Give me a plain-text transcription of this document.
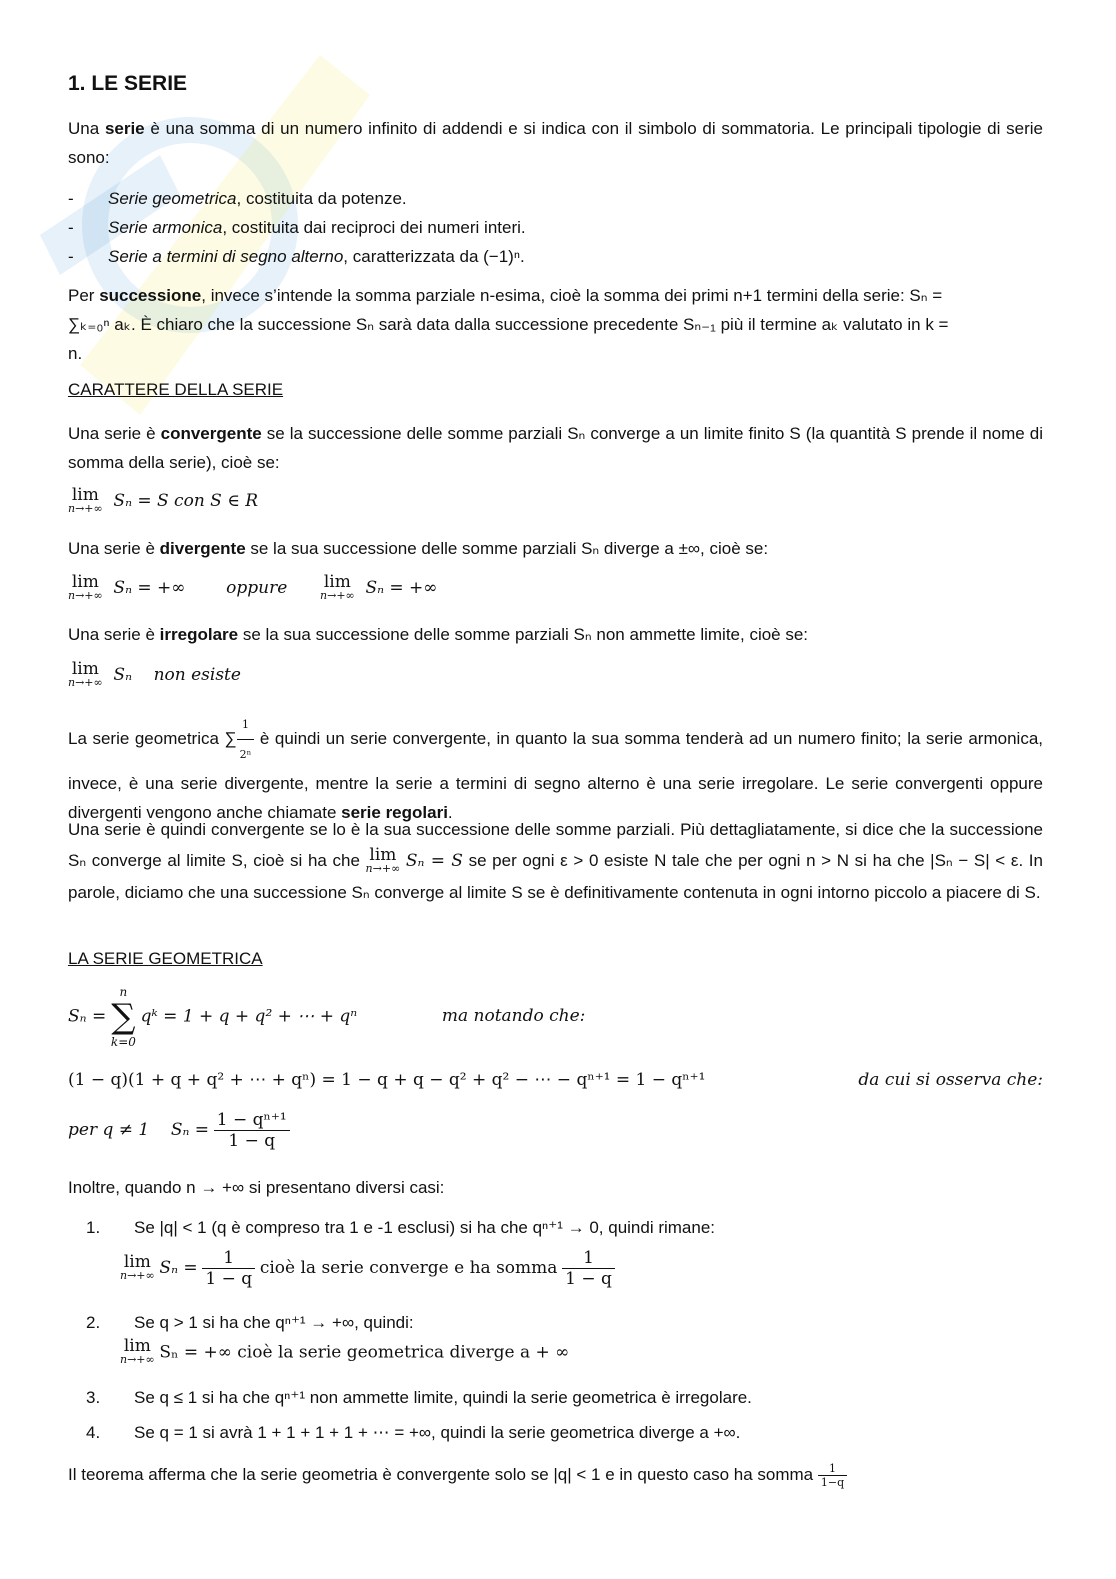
1. LE SERIE
Una serie è una somma di un numero infinito di addendi e si indica con il simbolo di sommatoria. Le principali tipologie di serie sono:
-	Serie geometrica, costituita da potenze.
-	Serie armonica, costituita dai reciproci dei numeri interi.
-	Serie a termini di segno alterno, caratterizzata da (−1)ⁿ.
Per successione, invece s’intende la somma parziale n-esima, cioè la somma dei primi n+1 termini della serie: Sₙ =
∑ₖ₌₀ⁿ aₖ. È chiaro che la successione Sₙ sarà data dalla successione precedente Sₙ₋₁ più il termine aₖ valutato in k =
n.
CARATTERE DELLA SERIE
Una serie è convergente se la successione delle somme parziali Sₙ converge a un limite finito S (la quantità S prende il nome di somma della serie), cioè se:
lim
n→+∞ Sₙ = S con S ∈ R
Una serie è divergente se la sua successione delle somme parziali Sₙ diverge a ±∞, cioè se:
lim
n→+∞ Sₙ = +∞ oppure lim
n→+∞ Sₙ = +∞
Una serie è irregolare se la sua successione delle somme parziali Sₙ non ammette limite, cioè se:
lim
n→+∞ Sₙ    non esiste
La serie geometrica ∑ $\frac{1}{\text{2ⁿ}}$ è quindi un serie convergente, in quanto la sua somma tenderà ad un numero finito; la serie armonica, invece, è una serie divergente, mentre la serie a termini di segno alterno è una serie irregolare. Le serie convergenti oppure divergenti vengono anche chiamate serie regolari.
Una serie è quindi convergente se lo è la sua successione delle somme parziali. Più dettagliatamente, si dice che la successione Sₙ converge al limite S, cioè si ha che lim
n→+∞ Sₙ = S se per ogni ε > 0 esiste N tale che per ogni n > N si ha che |Sₙ − S| < ε. In parole, diciamo che una successione Sₙ converge al limite S se è definitivamente contenuta in ogni intorno piccolo a piacere di S.
LA SERIE GEOMETRICA
Sₙ =
n
∑
k=0
qᵏ = 1 + q + q² + ⋯ + qⁿ	ma notando che:
(1 − q)(1 + q + q² + ⋯ + qⁿ) = 1 − q + q − q² + q² − ⋯ − qⁿ⁺¹ = 1 − qⁿ⁺¹	da cui si osserva che:
per q ≠ 1    $S_n = \frac{\text{1 − qⁿ⁺¹}}{1 - q}$
Inoltre, quando n → +∞ si presentano diversi casi:
1.	Se |q| < 1 (q è compreso tra 1 e -1 esclusi) si ha che qⁿ⁺¹ → 0, quindi rimane:
lim
n→+∞ $S_n = \frac{1}{1 - q}$ cioè la serie converge e ha somma $\frac{1}{1 - q}$
2.	Se q > 1 si ha che qⁿ⁺¹ → +∞, quindi:
lim
n→+∞ Sₙ = +∞ cioè la serie geometrica diverge a + ∞
3.	Se q ≤ 1 si ha che qⁿ⁺¹ non ammette limite, quindi la serie geometrica è irregolare.
4.	Se q = 1 si avrà 1 + 1 + 1 + 1 + ⋯ = +∞, quindi la serie geometrica diverge a +∞.
Il teorema afferma che la serie geometria è convergente solo se |q| < 1 e in questo caso ha somma $\frac{1}{1-q}$
